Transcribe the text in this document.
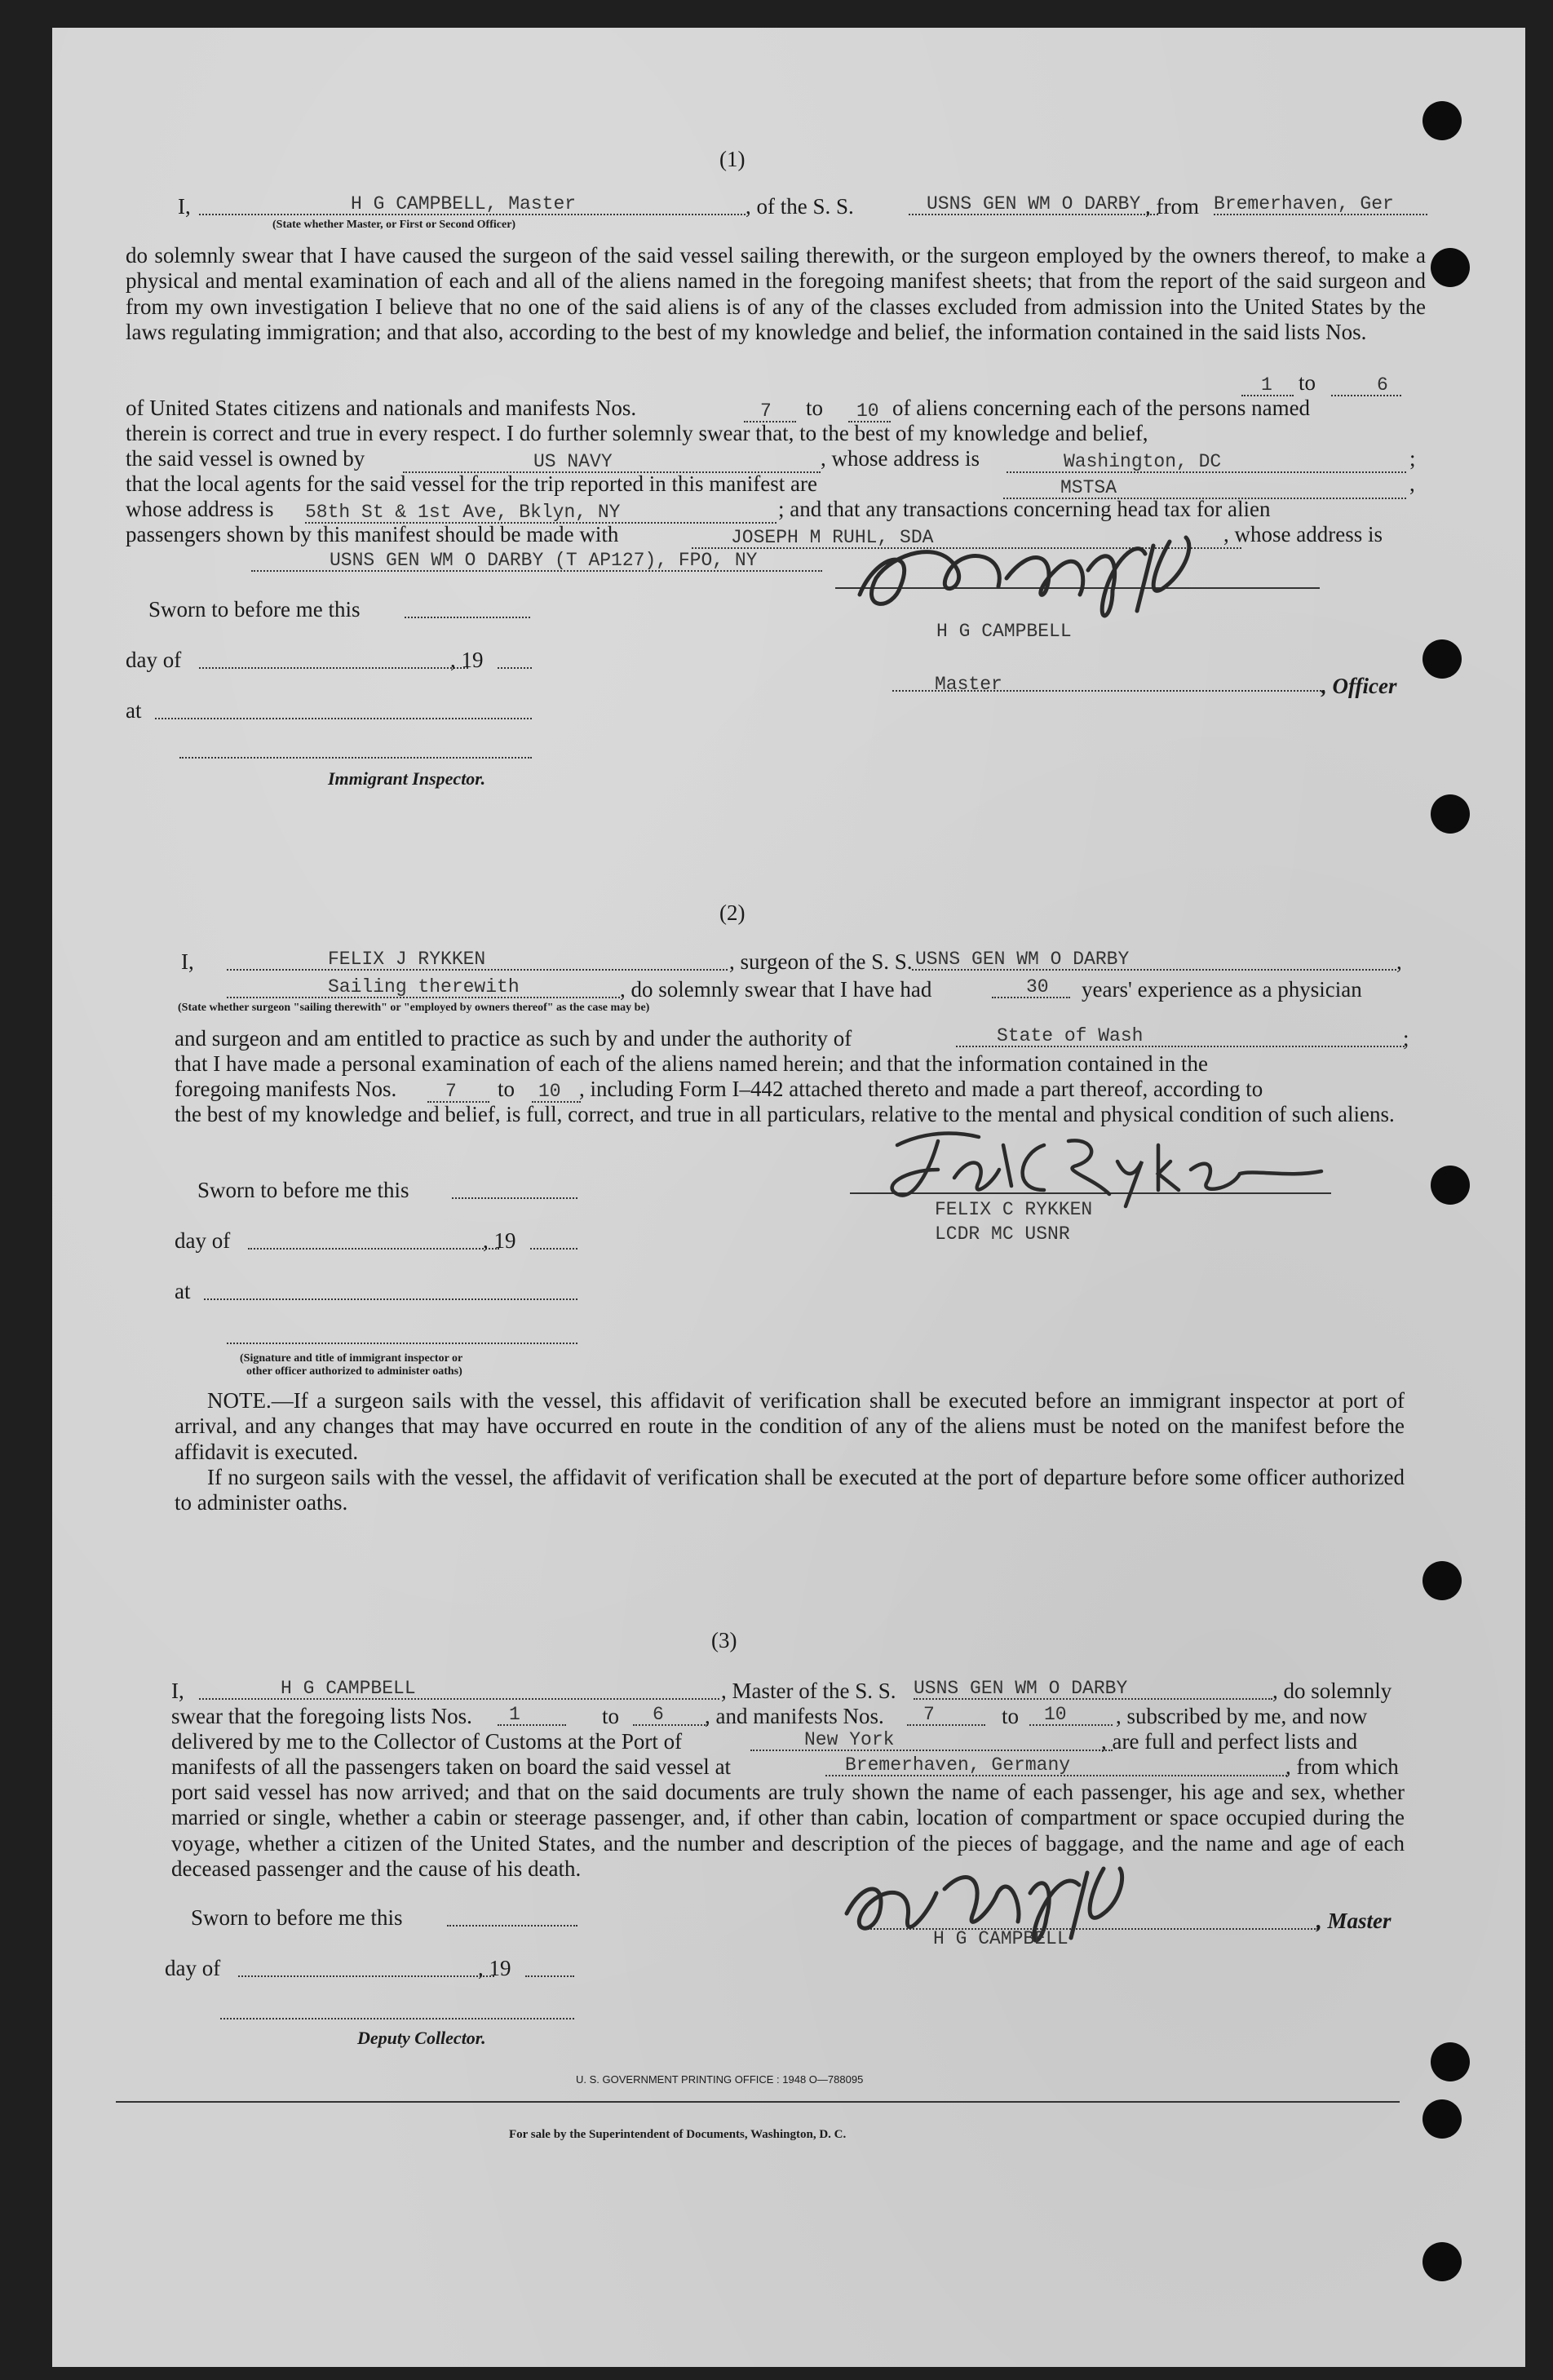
(1)
I,	H G CAMPBELL, Master
(State whether Master, or First or Second Officer)
, of the S. S.	USNS GEN WM O DARBY , from Bremerhaven, Ger
do solemnly swear that I have caused the surgeon of the said vessel sailing therewith, or the surgeon employed by the owners thereof, to make a physical and mental examination of each and all of the aliens named in the foregoing manifest sheets; that from the report of the said surgeon and from my own investigation I believe that no one of the said aliens is of any of the classes excluded from admission into the United States by the laws regulating immigration; and that also, according to the best of my knowledge and belief, the information contained in the said lists Nos.
1	to	6
of United States citizens and nationals and manifests Nos.	7	to	10 of aliens concerning each of the persons named
therein is correct and true in every respect. I do further solemnly swear that, to the best of my knowledge and belief,
the said vessel is owned by	US NAVY	, whose address is	Washington, DC	;
that the local agents for the said vessel for the trip reported in this manifest are	MSTSA	,
whose address is 58th St & 1st Ave, Bklyn, NY	; and that any transactions concerning head tax for alien
passengers shown by this manifest should be made with	JOSEPH M RUHL, SDA	, whose address is
USNS GEN WM O DARBY (T AP127), FPO, NY
Sworn to before me this
day of	, 19
at
Immigrant Inspector.
H G CAMPBELL
Master	, Officer
(2)
I,	FELIX J RYKKEN	, surgeon of the S. S. USNS GEN WM O DARBY	,
Sailing therewith	, do solemnly swear that I have had	30	years' experience as a physician
(State whether surgeon "sailing therewith" or "employed by owners thereof" as the case may be)
and surgeon and am entitled to practice as such by and under the authority of	State of Wash	;
that I have made a personal examination of each of the aliens named herein; and that the information contained in the
foregoing manifests Nos.	7	to	10 , including Form I–442 attached thereto and made a part thereof, according to
the best of my knowledge and belief, is full, correct, and true in all particulars, relative to the mental and physical condition of such aliens.
Sworn to before me this
day of	, 19
at
(Signature and title of immigrant inspector or
other officer authorized to administer oaths)
FELIX C RYKKEN
LCDR MC USNR
NOTE.—If a surgeon sails with the vessel, this affidavit of verification shall be executed before an immigrant inspector at port of arrival, and any changes that may have occurred en route in the condition of any of the aliens must be noted on the manifest before the affidavit is executed.
If no surgeon sails with the vessel, the affidavit of verification shall be executed at the port of departure before some officer authorized to administer oaths.
(3)
I,	H G CAMPBELL	, Master of the S. S. USNS GEN WM O DARBY	, do solemnly
swear that the foregoing lists Nos.	1	to	6	, and manifests Nos.	7	to	10	, subscribed by me, and now
delivered by me to the Collector of Customs at the Port of	New York	, are full and perfect lists and
manifests of all the passengers taken on board the said vessel at	Bremerhaven, Germany	, from which
port said vessel has now arrived; and that on the said documents are truly shown the name of each passenger, his age and sex, whether married or single, whether a cabin or steerage passenger, and, if other than cabin, location of compartment or space occupied during the voyage, whether a citizen of the United States, and the number and description of the pieces of baggage, and the name and age of each deceased passenger and the cause of his death.
Sworn to before me this
day of	, 19
Deputy Collector.
H G CAMPBELL
, Master
U. S. GOVERNMENT PRINTING OFFICE : 1948 O—788095
For sale by the Superintendent of Documents, Washington, D. C.
